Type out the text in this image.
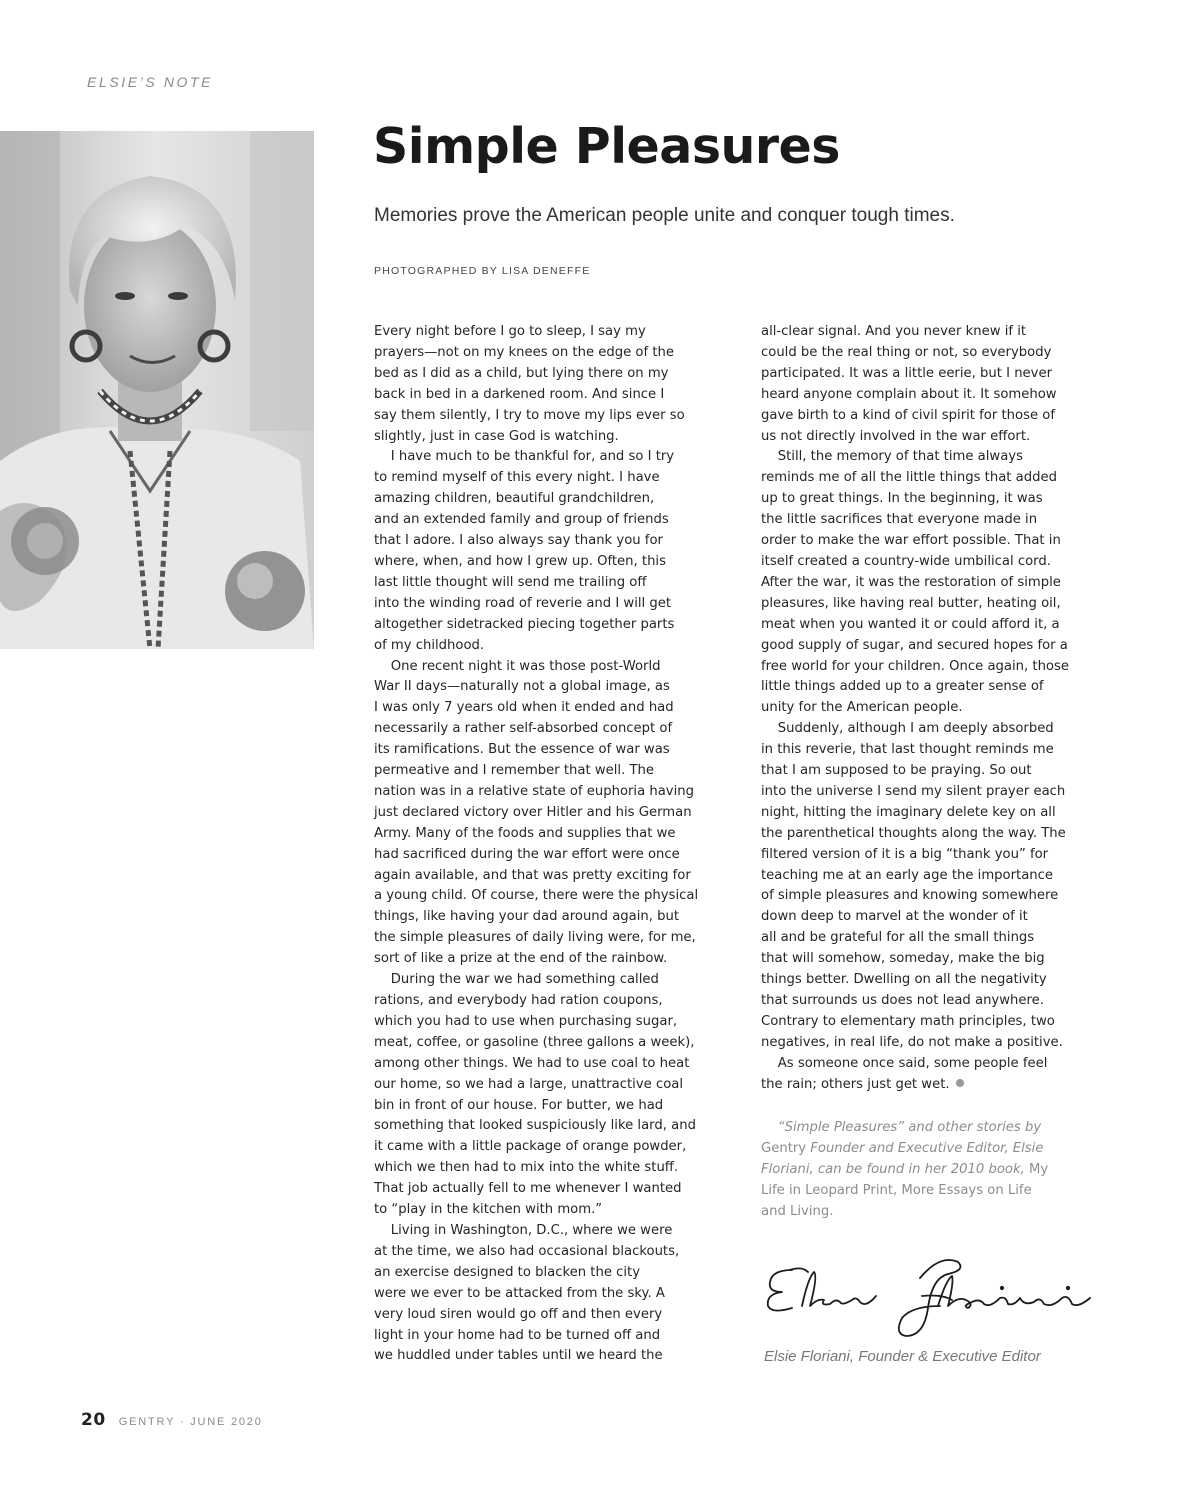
ELSIE’S NOTE
Simple Pleasures

Memories prove the American people unite and conquer tough times.

PHOTOGRAPHED BY LISA DENEFFE

Every night before I go to sleep, I say my

prayers—not on my knees on the edge of the

bed as I did as a child, but lying there on my

back in bed in a darkened room. And since I

say them silently, I try to move my lips ever so

slightly, just in case God is watching.

I have much to be thankful for, and so I try

to remind myself of this every night. I have

amazing children, beautiful grandchildren,

and an extended family and group of friends

that I adore. I also always say thank you for

where, when, and how I grew up. Often, this

last little thought will send me trailing off

into the winding road of reverie and I will get

altogether sidetracked piecing together parts

of my childhood.

One recent night it was those post-World

War II days—naturally not a global image, as

I was only 7 years old when it ended and had

necessarily a rather self-absorbed concept of

its ramifications. But the essence of war was

permeative and I remember that well. The

nation was in a relative state of euphoria having

just declared victory over Hitler and his German

Army. Many of the foods and supplies that we

had sacrificed during the war effort were once

again available, and that was pretty exciting for

a young child. Of course, there were the physical

things, like having your dad around again, but

the simple pleasures of daily living were, for me,

sort of like a prize at the end of the rainbow.

During the war we had something called

rations, and everybody had ration coupons,

which you had to use when purchasing sugar,

meat, coffee, or gasoline (three gallons a week),

among other things. We had to use coal to heat

our home, so we had a large, unattractive coal

bin in front of our house. For butter, we had

something that looked suspiciously like lard, and

it came with a little package of orange powder,

which we then had to mix into the white stuff.

That job actually fell to me whenever I wanted

to “play in the kitchen with mom.”

Living in Washington, D.C., where we were

at the time, we also had occasional blackouts,

an exercise designed to blacken the city

were we ever to be attacked from the sky. A

very loud siren would go off and then every

light in your home had to be turned off and

we huddled under tables until we heard the

all-clear signal. And you never knew if it

could be the real thing or not, so everybody

participated. It was a little eerie, but I never

heard anyone complain about it. It somehow

gave birth to a kind of civil spirit for those of

us not directly involved in the war effort.

Still, the memory of that time always

reminds me of all the little things that added

up to great things. In the beginning, it was

the little sacrifices that everyone made in

order to make the war effort possible. That in

itself created a country-wide umbilical cord.

After the war, it was the restoration of simple

pleasures, like having real butter, heating oil,

meat when you wanted it or could afford it, a

good supply of sugar, and secured hopes for a

free world for your children. Once again, those

little things added up to a greater sense of

unity for the American people.

Suddenly, although I am deeply absorbed

in this reverie, that last thought reminds me

that I am supposed to be praying. So out

into the universe I send my silent prayer each

night, hitting the imaginary delete key on all

the parenthetical thoughts along the way. The

filtered version of it is a big “thank you” for

teaching me at an early age the importance

of simple pleasures and knowing somewhere

down deep to marvel at the wonder of it

all and be grateful for all the small things

that will somehow, someday, make the big

things better. Dwelling on all the negativity

that surrounds us does not lead anywhere.

Contrary to elementary math principles, two

negatives, in real life, do not make a positive.

As someone once said, some people feel

the rain; others just get wet.

“Simple Pleasures” and other stories by

Gentry Founder and Executive Editor, Elsie

Floriani, can be found in her 2010 book, My

Life in Leopard Print, More Essays on Life

and Living.

Elsie Floriani, Founder & Executive Editor
20 GENTRY · JUNE 2020
